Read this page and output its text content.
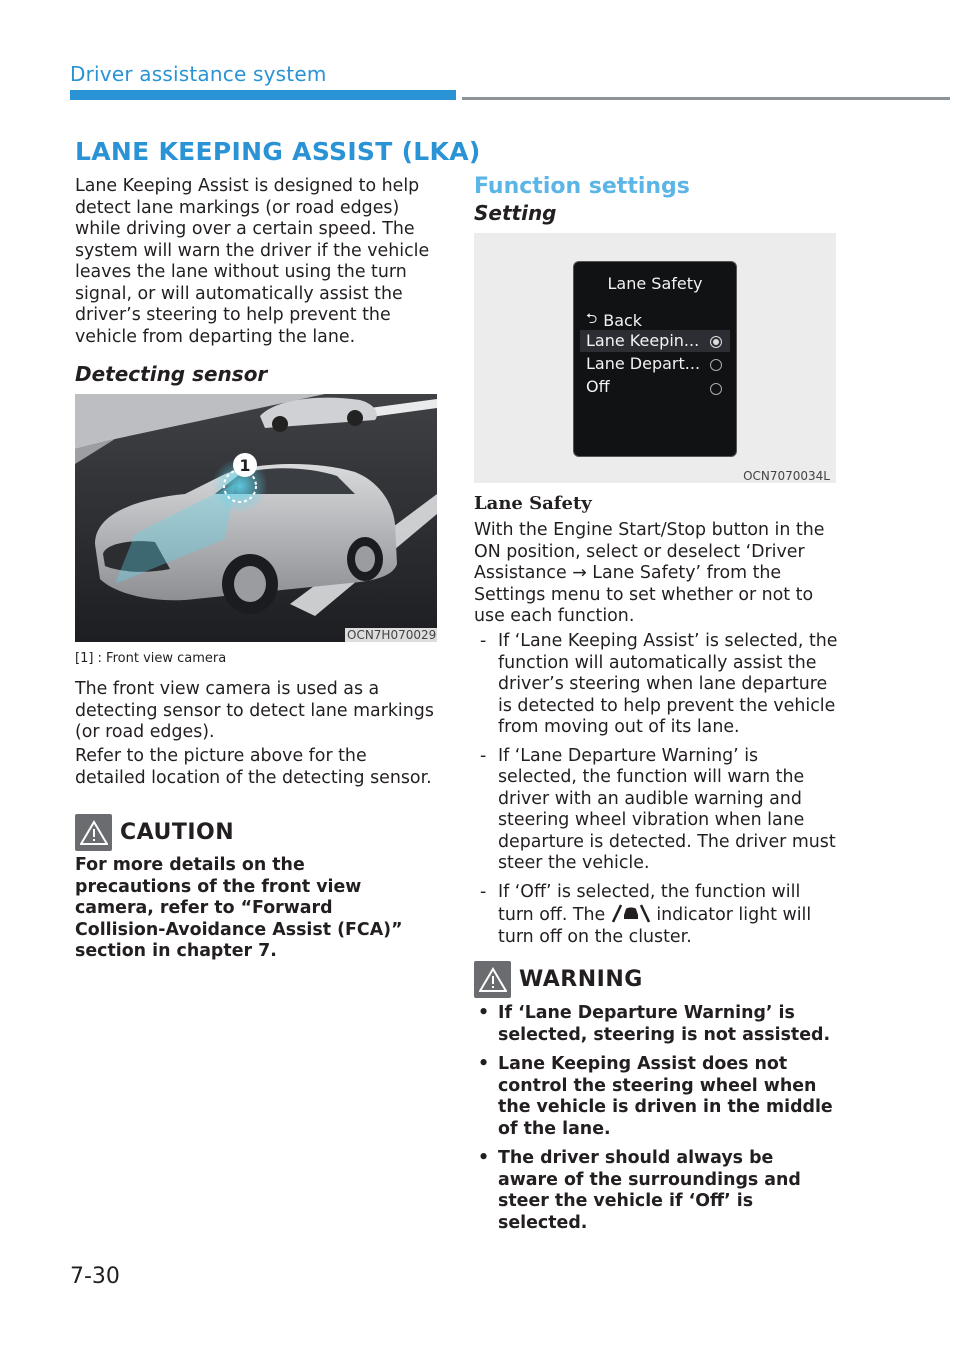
Driver assistance system
LANE KEEPING ASSIST (LKA)
Lane Keeping Assist is designed to help detect lane markings (or road edges) while driving over a certain speed. The system will warn the driver if the vehicle leaves the lane without using the turn signal, or will automatically assist the driver’s steering to help prevent the vehicle from departing the lane.
Detecting sensor
1
OCN7H070029
[1] : Front view camera
The front view camera is used as a detecting sensor to detect lane markings (or road edges).
Refer to the picture above for the detailed location of the detecting sensor.
CAUTION
For more details on the precautions of the front view camera, refer to “Forward Collision-Avoidance Assist (FCA)” section in chapter 7.
Function settings
Setting
Lane Safety
⮌ Back
Lane Keepin...
Lane Depart...
Off
OCN7070034L
Lane Safety
With the Engine Start/Stop button in the ON position, select or deselect ‘Driver Assistance → Lane Safety’ from the Settings menu to set whether or not to use each function.
- If ‘Lane Keeping Assist’ is selected, the function will automatically assist the driver’s steering when lane departure is detected to help prevent the vehicle from moving out of its lane.
- If ‘Lane Departure Warning’ is selected, the function will warn the driver with an audible warning and steering wheel vibration when lane departure is detected. The driver must steer the vehicle.
- If ‘Off’ is selected, the function will turn off. The	indicator light will turn off on the cluster.
WARNING
• If ‘Lane Departure Warning’ is selected, steering is not assisted.
• Lane Keeping Assist does not control the steering wheel when the vehicle is driven in the middle of the lane.
• The driver should always be aware of the surroundings and steer the vehicle if ‘Off’ is selected.
7-30
